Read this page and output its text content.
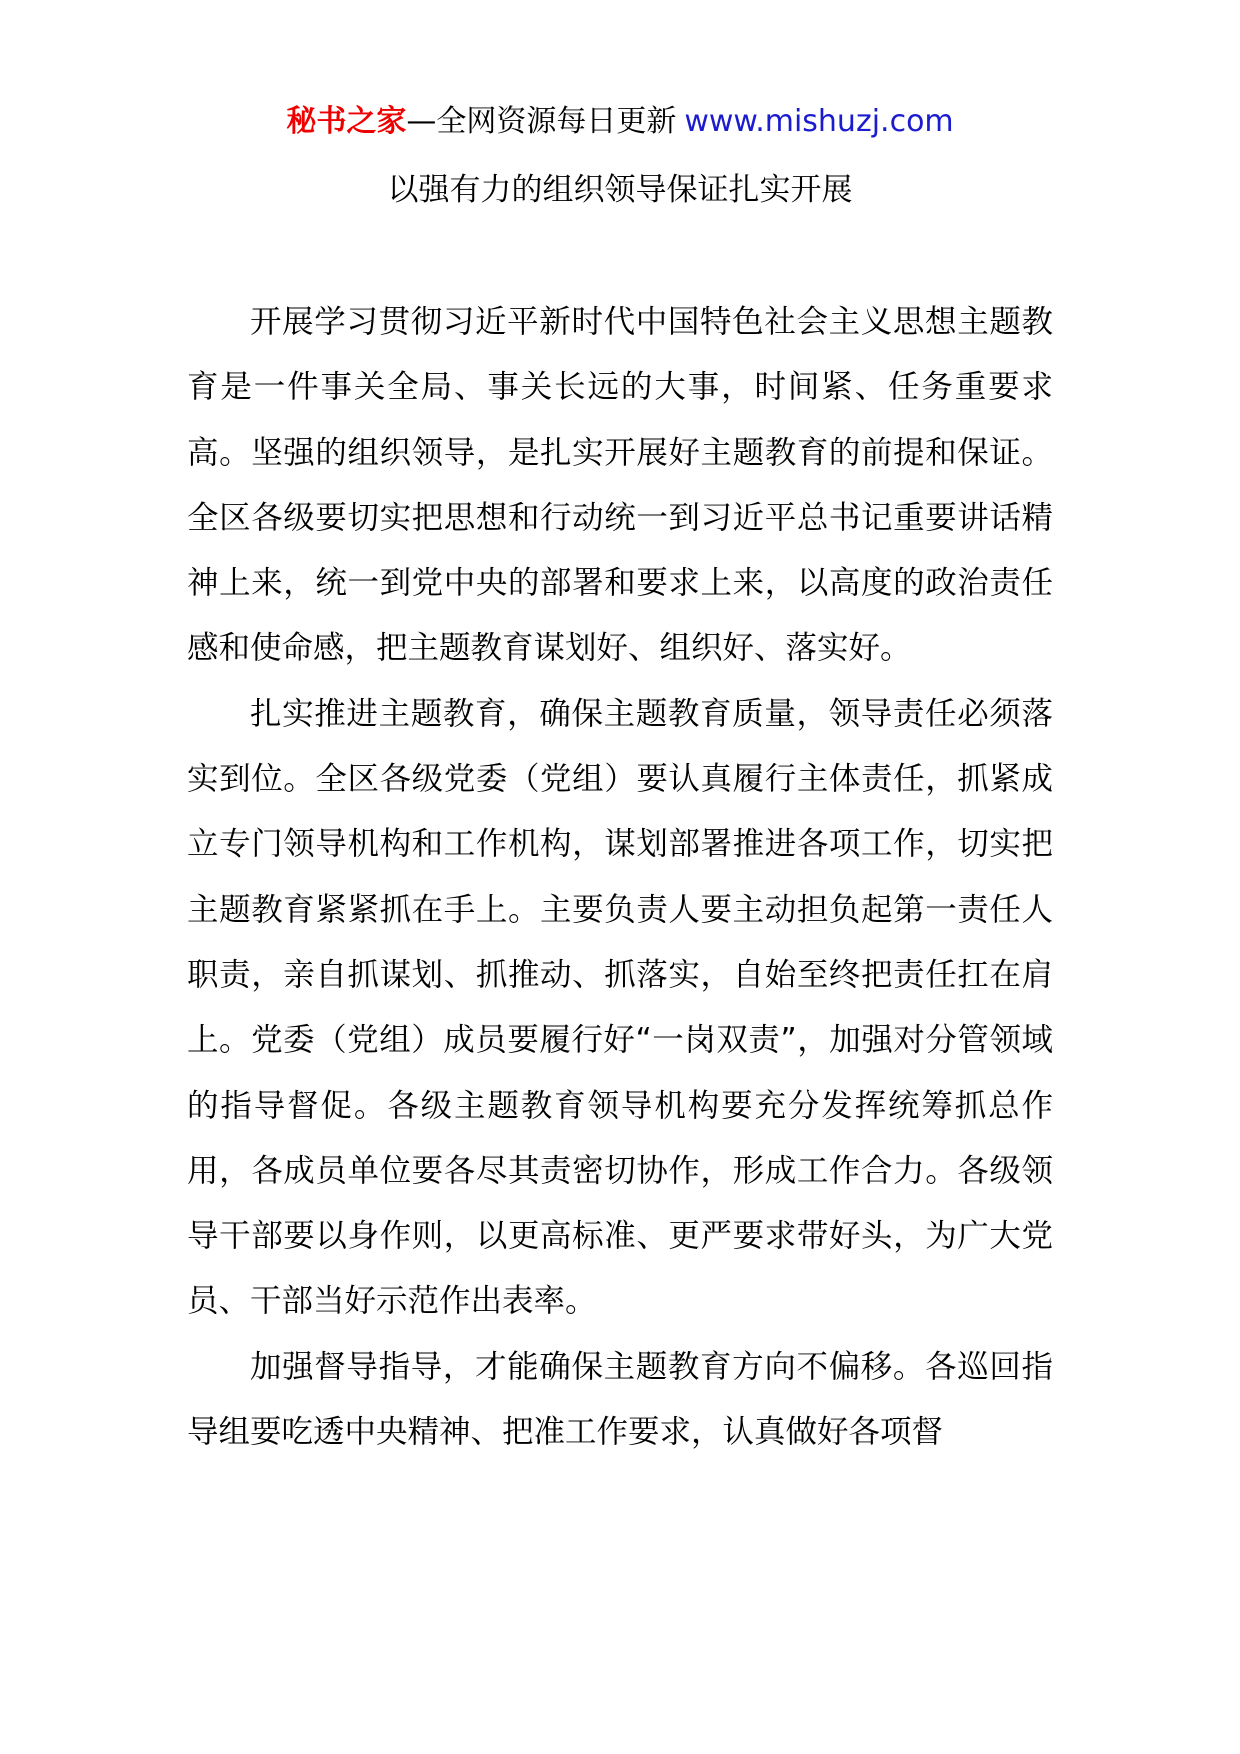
秘书之家—全网资源每日更新 www.mishuzj.com
以强有力的组织领导保证扎实开展

开展学习贯彻习近平新时代中国特色社会主义思想主题教育是一件事关全局、事关长远的大事，时间紧、任务重要求高。坚强的组织领导，是扎实开展好主题教育的前提和保证。全区各级要切实把思想和行动统一到习近平总书记重要讲话精神上来，统一到党中央的部署和要求上来，以高度的政治责任感和使命感，把主题教育谋划好、组织好、落实好。

扎实推进主题教育，确保主题教育质量，领导责任必须落实到位。全区各级党委（党组）要认真履行主体责任，抓紧成立专门领导机构和工作机构，谋划部署推进各项工作，切实把主题教育紧紧抓在手上。主要负责人要主动担负起第一责任人职责，亲自抓谋划、抓推动、抓落实，自始至终把责任扛在肩上。党委（党组）成员要履行好“一岗双责”，加强对分管领域的指导督促。各级主题教育领导机构要充分发挥统筹抓总作用，各成员单位要各尽其责密切协作，形成工作合力。各级领导干部要以身作则，以更高标准、更严要求带好头，为广大党员、干部当好示范作出表率。

加强督导指导，才能确保主题教育方向不偏移。各巡回指导组要吃透中央精神、把准工作要求，认真做好各项督
